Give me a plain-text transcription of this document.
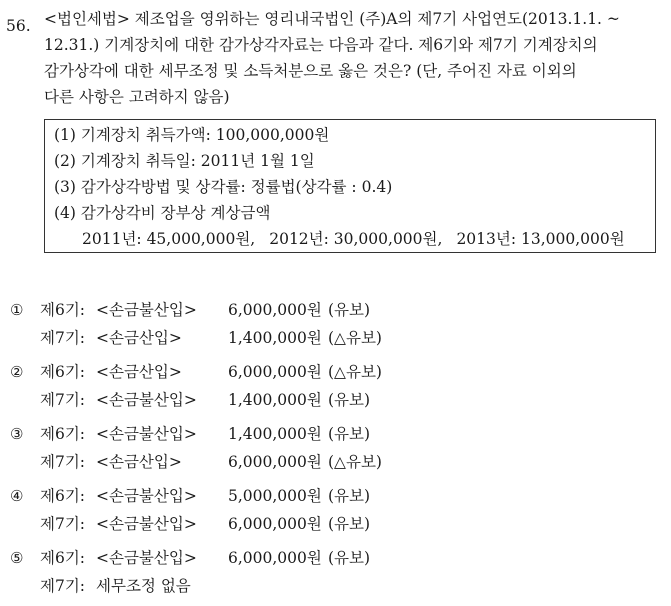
56. <법인세법> 제조업을 영위하는 영리내국법인 (주)A의 제7기 사업연도(2013.1.1. ~
12.31.) 기계장치에 대한 감가상각자료는 다음과 같다. 제6기와 제7기 기계장치의
감가상각에 대한 세무조정 및 소득처분으로 옳은 것은? (단, 주어진 자료 이외의
다른 사항은 고려하지 않음)
(1) 기계장치 취득가액: 100,000,000원
(2) 기계장치 취득일: 2011년 1월 1일
(3) 감가상각방법 및 상각률: 정률법(상각률 : 0.4)
(4) 감가상각비 장부상 계상금액
2011년: 45,000,000원, 2012년: 30,000,000원, 2013년: 13,000,000원
①	제6기: <손금불산입>	6,000,000원 (유보)
제7기: <손금산입>	1,400,000원 (△유보)
②	제6기: <손금산입>	6,000,000원 (△유보)
제7기: <손금불산입>	1,400,000원 (유보)
③	제6기: <손금불산입>	1,400,000원 (유보)
제7기: <손금산입>	6,000,000원 (△유보)
④	제6기: <손금불산입>	5,000,000원 (유보)
제7기: <손금불산입>	6,000,000원 (유보)
⑤	제6기: <손금불산입>	6,000,000원 (유보)
제7기: 세무조정 없음
